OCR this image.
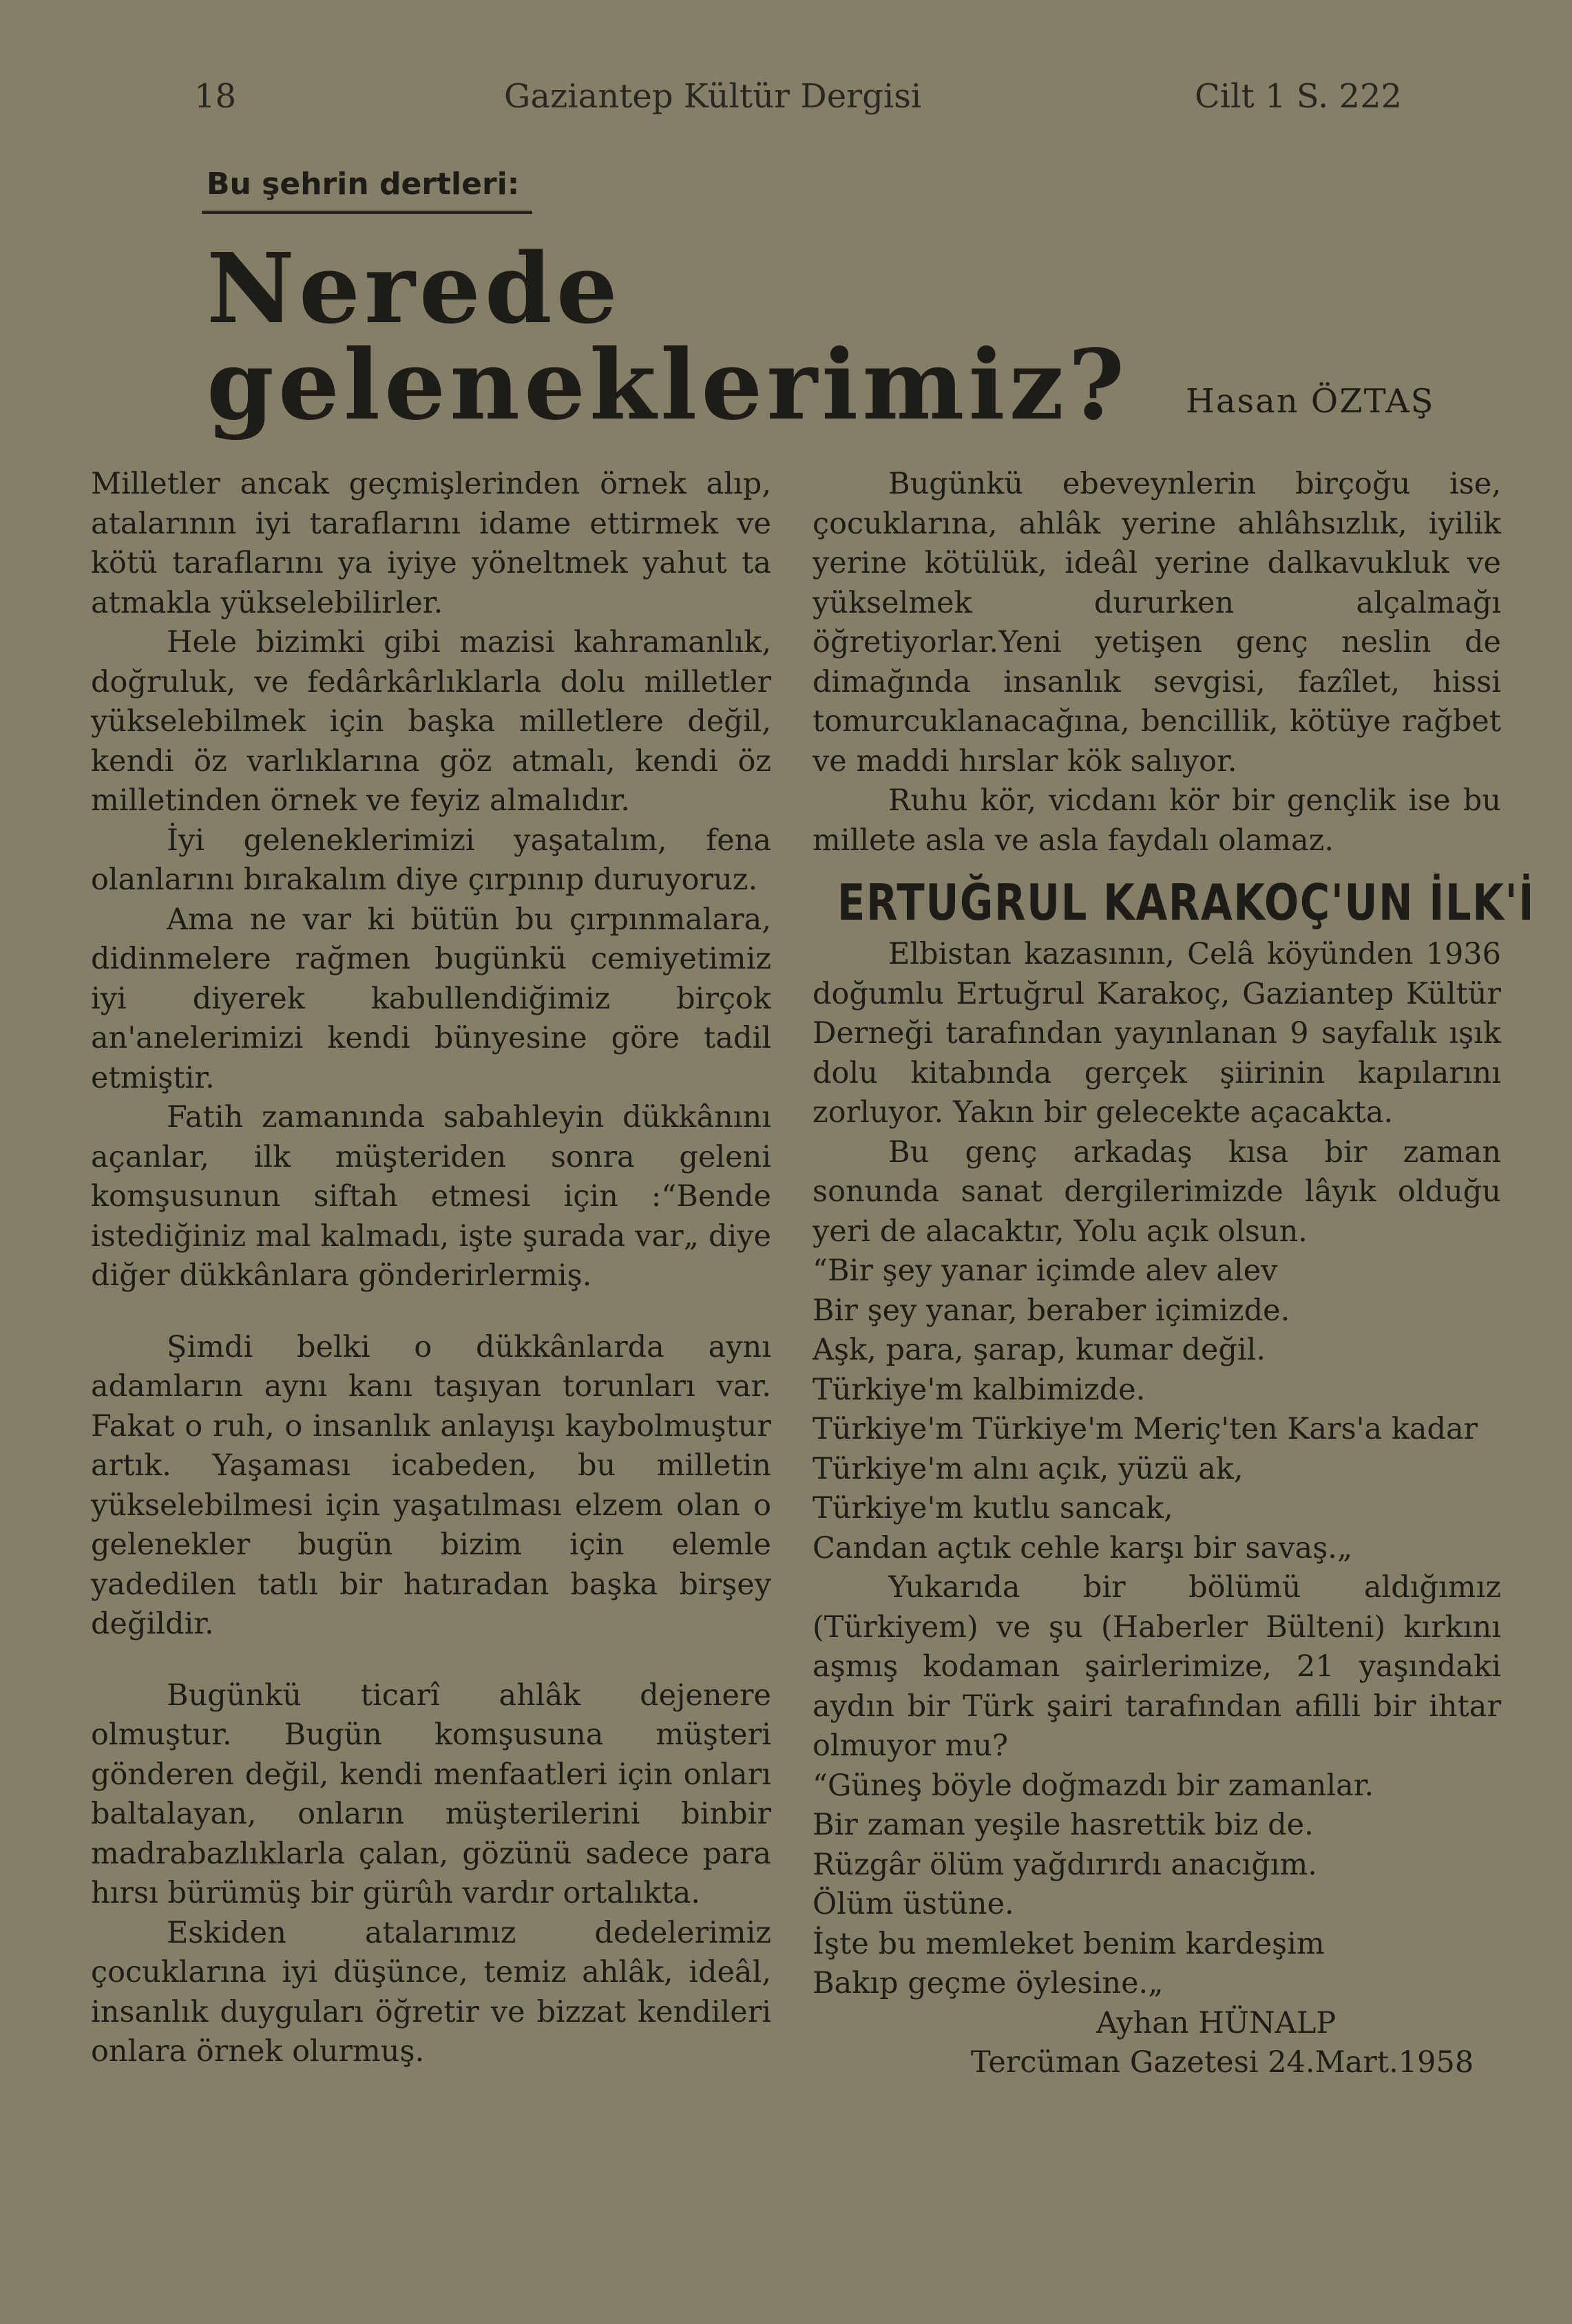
18	Gaziantep Kültür Dergisi	Cilt 1 S. 222
Bu şehrin dertleri:
Nerede geleneklerimiz?	Hasan ÖZTAŞ

Milletler ancak geçmişlerinden örnek alıp, atalarının iyi taraflarını idame ettirmek ve kötü taraflarını ya iyiye yöneltmek yahut ta atmakla yükselebilirler.

Hele bizimki gibi mazisi kahramanlık, doğruluk, ve fedârkârlıklarla dolu milletler yükselebilmek için başka milletlere değil, kendi öz varlıklarına göz atmalı, kendi öz milletinden örnek ve feyiz almalıdır.

İyi geleneklerimizi yaşatalım, fena olanlarını bırakalım diye çırpınıp duruyoruz.

Ama ne var ki bütün bu çırpınmalara, didinmelere rağmen bugünkü cemiyetimiz iyi diyerek kabullendiğimiz birçok an'anelerimizi kendi bünyesine göre tadil etmiştir.

Fatih zamanında sabahleyin dükkânını açanlar, ilk müşteriden sonra geleni komşusunun siftah etmesi için :“Bende istediğiniz mal kalmadı, işte şurada var„ diye diğer dükkânlara gönderirlermiş.

Şimdi belki o dükkânlarda aynı adamların aynı kanı taşıyan torunları var. Fakat o ruh, o insanlık anlayışı kaybolmuştur artık. Yaşaması icabeden, bu milletin yükselebilmesi için yaşatılması elzem olan o gelenekler bugün bizim için elemle yadedilen tatlı bir hatıradan başka birşey değildir.

Bugünkü ticarî ahlâk dejenere olmuştur. Bugün komşusuna müşteri gönderen değil, kendi menfaatleri için onları baltalayan, onların müşterilerini binbir madrabazlıklarla çalan, gözünü sadece para hırsı bürümüş bir gürûh vardır ortalıkta.

Eskiden atalarımız dedelerimiz çocuklarına iyi düşünce, temiz ahlâk, ideâl, insanlık duyguları öğretir ve bizzat kendileri onlara örnek olurmuş.

Bugünkü ebeveynlerin birçoğu ise, çocuklarına, ahlâk yerine ahlâhsızlık, iyilik yerine kötülük, ideâl yerine dalkavukluk ve yükselmek dururken alçalmağı öğretiyorlar.Yeni yetişen genç neslin de dimağında insanlık sevgisi, fazîlet, hissi tomurcuklanacağına, bencillik, kötüye rağbet ve maddi hırslar kök salıyor.

Ruhu kör, vicdanı kör bir gençlik ise bu millete asla ve asla faydalı olamaz.

ERTUĞRUL KARAKOÇ'UN İLK'İ

Elbistan kazasının, Celâ köyünden 1936 doğumlu Ertuğrul Karakoç, Gaziantep Kültür Derneği tarafından yayınlanan 9 sayfalık ışık dolu kitabında gerçek şiirinin kapılarını zorluyor. Yakın bir gelecekte açacakta.

Bu genç arkadaş kısa bir zaman sonunda sanat dergilerimizde lâyık olduğu yeri de alacaktır, Yolu açık olsun.

“Bir şey yanar içimde alev alev

Bir şey yanar, beraber içimizde.

Aşk, para, şarap, kumar değil.

Türkiye'm kalbimizde.

Türkiye'm Türkiye'm Meriç'ten Kars'a kadar

Türkiye'm alnı açık, yüzü ak,

Türkiye'm kutlu sancak,

Candan açtık cehle karşı bir savaş.„

Yukarıda bir bölümü aldığımız (Türkiyem) ve şu (Haberler Bülteni) kırkını aşmış kodaman şairlerimize, 21 yaşındaki aydın bir Türk şairi tarafından afilli bir ihtar olmuyor mu?

“Güneş böyle doğmazdı bir zamanlar.

Bir zaman yeşile hasrettik biz de.

Rüzgâr ölüm yağdırırdı anacığım.

Ölüm üstüne.

İşte bu memleket benim kardeşim

Bakıp geçme öylesine.„

Ayhan HÜNALP

Tercüman Gazetesi 24.Mart.1958
